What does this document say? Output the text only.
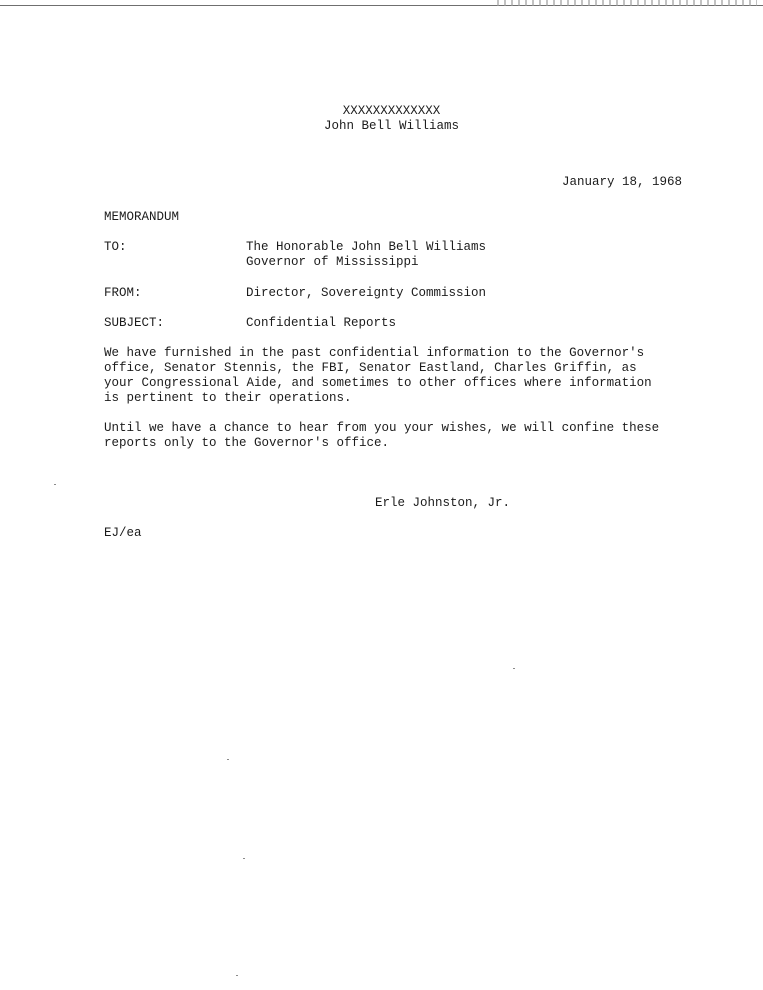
XXXXXXXXXXXXX
John Bell Williams
January 18, 1968
MEMORANDUM
TO:	The Honorable John Bell Williams
Governor of Mississippi
FROM:	Director, Sovereignty Commission
SUBJECT:	Confidential Reports
We have furnished in the past confidential information to the Governor's
office, Senator Stennis, the FBI, Senator Eastland, Charles Griffin, as
your Congressional Aide, and sometimes to other offices where information
is pertinent to their operations.
Until we have a chance to hear from you your wishes, we will confine these
reports only to the Governor's office.
Erle Johnston, Jr.
EJ/ea
